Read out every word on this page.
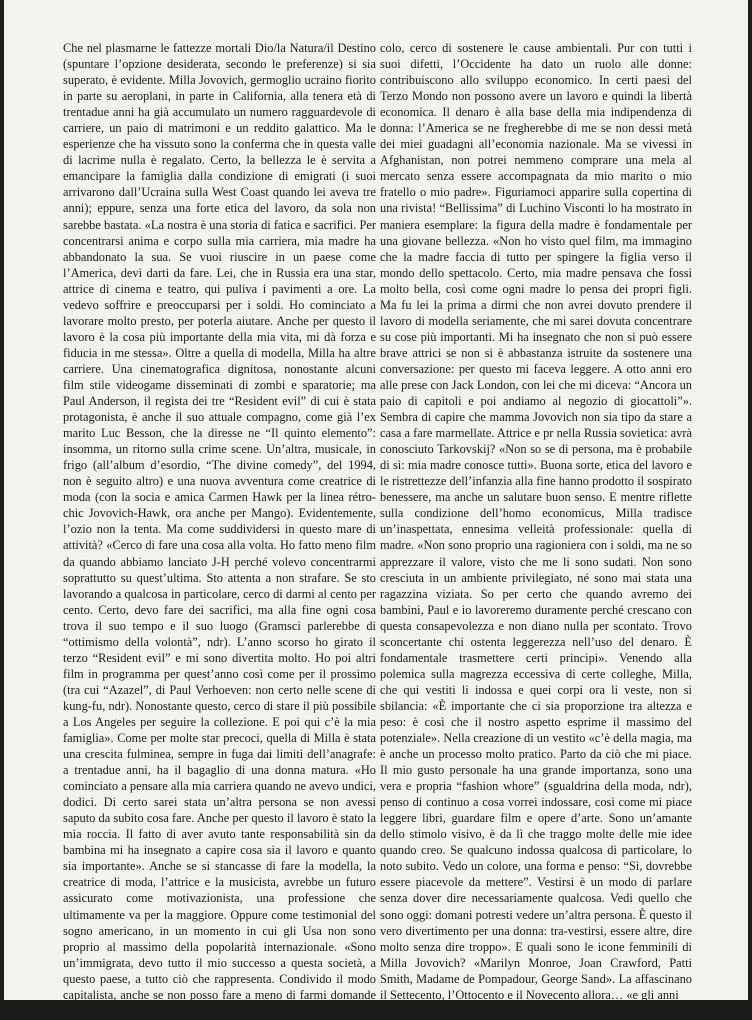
Che nel plasmarne le fattezze mortali Dio/la Natura/il Destino (spuntare l’opzione desiderata, secondo le preferenze) si sia superato, è evidente. Milla Jovovich, germoglio ucraino fiorito in parte su aeroplani, in parte in California, alla tenera età di trentadue anni ha già accumulato un numero ragguardevole di carriere, un paio di matrimoni e un reddito galattico. Ma le esperienze che ha vissuto sono la conferma che in questa valle di lacrime nulla è regalato. Certo, la bellezza le è servita a emancipare la famiglia dalla condizione di emigrati (i suoi arrivarono dall’Ucraina sulla West Coast quando lei aveva tre anni); eppure, senza una forte etica del lavoro, da sola non sarebbe bastata. «La nostra è una storia di fatica e sacrifici. Per concentrarsi anima e corpo sulla mia carriera, mia madre ha abbandonato la sua. Se vuoi riuscire in un paese come l’America, devi darti da fare. Lei, che in Russia era una star, attrice di cinema e teatro, qui puliva i pavimenti a ore. La vedevo soffrire e preoccuparsi per i soldi. Ho cominciato a lavorare molto presto, per poterla aiutare. Anche per questo il lavoro è la cosa più importante della mia vita, mi dà forza e fiducia in me stessa». Oltre a quella di modella, Milla ha altre carriere. Una cinematografica dignitosa, nonostante alcuni film stile videogame disseminati di zombi e sparatorie; ma Paul Anderson, il regista dei tre “Resident evil” di cui è stata protagonista, è anche il suo attuale compagno, come già l’ex marito Luc Besson, che la diresse ne “Il quinto elemento”: insomma, un ritorno sulla crime scene. Un’altra, musicale, in frigo (all’album d’esordio, “The divine comedy”, del 1994, non è seguito altro) e una nuova avventura come creatrice di moda (con la socia e amica Carmen Hawk per la linea rétro-chic Jovovich-Hawk, ora anche per Mango). Evidentemente, l’ozio non la tenta. Ma come suddividersi in questo mare di attività? «Cerco di fare una cosa alla volta. Ho fatto meno film da quando abbiamo lanciato J-H perché volevo concentrarmi soprattutto su quest’ultima. Sto attenta a non strafare. Se sto lavorando a qualcosa in particolare, cerco di darmi al cento per cento. Certo, devo fare dei sacrifici, ma alla fine ogni cosa trova il suo tempo e il suo luogo (Gramsci parlerebbe di “ottimismo della volontà”, ndr). L’anno scorso ho girato il terzo “Resident evil” e mi sono divertita molto. Ho poi altri film in programma per quest’anno così come per il prossimo (tra cui “Azazel”, di Paul Verhoeven: non certo nelle scene di kung-fu, ndr). Nonostante questo, cerco di stare il più possibile a Los Angeles per seguire la collezione. E poi qui c’è la mia famiglia». Come per molte star precoci, quella di Milla è stata una crescita fulminea, sempre in fuga dai limiti dell’anagrafe: a trentadue anni, ha il bagaglio di una donna matura. «Ho cominciato a pensare alla mia carriera quando ne avevo undici, dodici. Di certo sarei stata un’altra persona se non avessi saputo da subito cosa fare. Anche per questo il lavoro è stato la mia roccia. Il fatto di aver avuto tante responsabilità sin da bambina mi ha insegnato a capire cosa sia il lavoro e quanto sia importante». Anche se si stancasse di fare la modella, la creatrice di moda, l’attrice e la musicista, avrebbe un futuro assicurato come motivazionista, una professione che ultimamente va per la maggiore. Oppure come testimonial del sogno americano, in un momento in cui gli Usa non sono proprio al massimo della popolarità internazionale. «Sono un’immigrata, devo tutto il mio successo a questa società, a questo paese, a tutto ciò che rappresenta. Condivido il modo capitalista, anche se non posso fare a meno di farmi domande sul futuro e aver paura. Nel mio pic-

colo, cerco di sostenere le cause ambientali. Pur con tutti i suoi difetti, l’Occidente ha dato un ruolo alle donne: contribuiscono allo sviluppo economico. In certi paesi del Terzo Mondo non possono avere un lavoro e quindi la libertà economica. Il denaro è alla base della mia indipendenza di donna: l’America se ne fregherebbe di me se non dessi metà dei miei guadagni all’economia nazionale. Ma se vivessi in Afghanistan, non potrei nemmeno comprare una mela al mercato senza essere accompagnata da mio marito o mio fratello o mio padre». Figuriamoci apparire sulla copertina di una rivista! “Bellissima” di Luchino Visconti lo ha mostrato in maniera esemplare: la figura della madre è fondamentale per una giovane bellezza. «Non ho visto quel film, ma immagino che la madre faccia di tutto per spingere la figlia verso il mondo dello spettacolo. Certo, mia madre pensava che fossi molto bella, così come ogni madre lo pensa dei propri figli. Ma fu lei la prima a dirmi che non avrei dovuto prendere il lavoro di modella seriamente, che mi sarei dovuta concentrare su cose più importanti. Mi ha insegnato che non si può essere brave attrici se non si è abbastanza istruite da sostenere una conversazione: per questo mi faceva leggere. A otto anni ero alle prese con Jack London, con lei che mi diceva: “Ancora un paio di capitoli e poi andiamo al negozio di giocattoli”». Sembra di capire che mamma Jovovich non sia tipo da stare a casa a fare marmellate. Attrice e pr nella Russia sovietica: avrà conosciuto Tarkovskij? «Non so se di persona, ma è probabile di sì: mia madre conosce tutti». Buona sorte, etica del lavoro e le ristrettezze dell’infanzia alla fine hanno prodotto il sospirato benessere, ma anche un salutare buon senso. E mentre riflette sulla condizione dell’homo economicus, Milla tradisce un’inaspettata, ennesima velleità professionale: quella di madre. «Non sono proprio una ragioniera con i soldi, ma ne so apprezzare il valore, visto che me li sono sudati. Non sono cresciuta in un ambiente privilegiato, né sono mai stata una ragazzina viziata. So per certo che quando avremo dei bambini, Paul e io lavoreremo duramente perché crescano con questa consapevolezza e non diano nulla per scontato. Trovo sconcertante chi ostenta leggerezza nell’uso del denaro. È fondamentale trasmettere certi principi». Venendo alla polemica sulla magrezza eccessiva di certe colleghe, Milla, che qui vestiti li indossa e quei corpi ora li veste, non si sbilancia: «È importante che ci sia proporzione tra altezza e peso: è così che il nostro aspetto esprime il massimo del potenziale». Nella creazione di un vestito «c’è della magia, ma è anche un processo molto pratico. Parto da ciò che mi piace. Il mio gusto personale ha una grande importanza, sono una vera e propria “fashion whore” (sgualdrina della moda, ndr), penso di continuo a cosa vorrei indossare, così come mi piace leggere libri, guardare film e opere d’arte. Sono un’amante dello stimolo visivo, è da lì che traggo molte delle mie idee quando creo. Se qualcuno indossa qualcosa di particolare, lo noto subito. Vedo un colore, una forma e penso: “Sì, dovrebbe essere piacevole da mettere”. Vestirsi è un modo di parlare senza dover dire necessariamente qualcosa. Vedi quello che sono oggi: domani potresti vedere un’altra persona. È questo il vero divertimento per una donna: tra-vestirsi, essere altre, dire molto senza dire troppo». E quali sono le icone femminili di Milla Jovovich? «Marilyn Monroe, Joan Crawford, Patti Smith, Madame de Pompadour, George Sand». La affascinano il Settecento, l’Ottocento e il Novecento allora… «e gli anni

Settanta e Ottanta!», aggiunge ridendo. Leonardo Clausi
